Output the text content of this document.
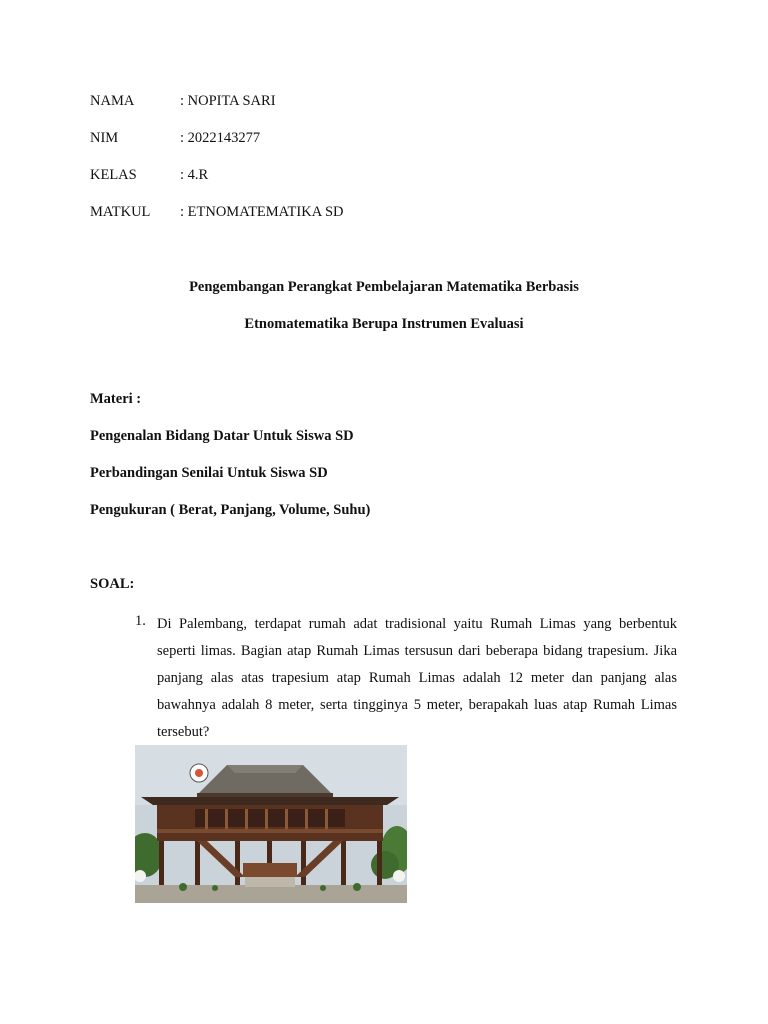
NAMA	: NOPITA SARI
NIM	: 2022143277
KELAS	: 4.R
MATKUL : ETNOMATEMATIKA SD
Pengembangan Perangkat Pembelajaran Matematika Berbasis
Etnomatematika Berupa Instrumen Evaluasi
Materi :
Pengenalan Bidang Datar Untuk Siswa SD
Perbandingan Senilai Untuk Siswa SD
Pengukuran ( Berat, Panjang, Volume, Suhu)
SOAL:
1. Di Palembang, terdapat rumah adat tradisional yaitu Rumah Limas yang berbentuk seperti limas. Bagian atap Rumah Limas tersusun dari beberapa bidang trapesium. Jika panjang alas atas trapesium atap Rumah Limas adalah 12 meter dan panjang alas bawahnya adalah 8 meter, serta tingginya 5 meter, berapakah luas atap Rumah Limas tersebut?
